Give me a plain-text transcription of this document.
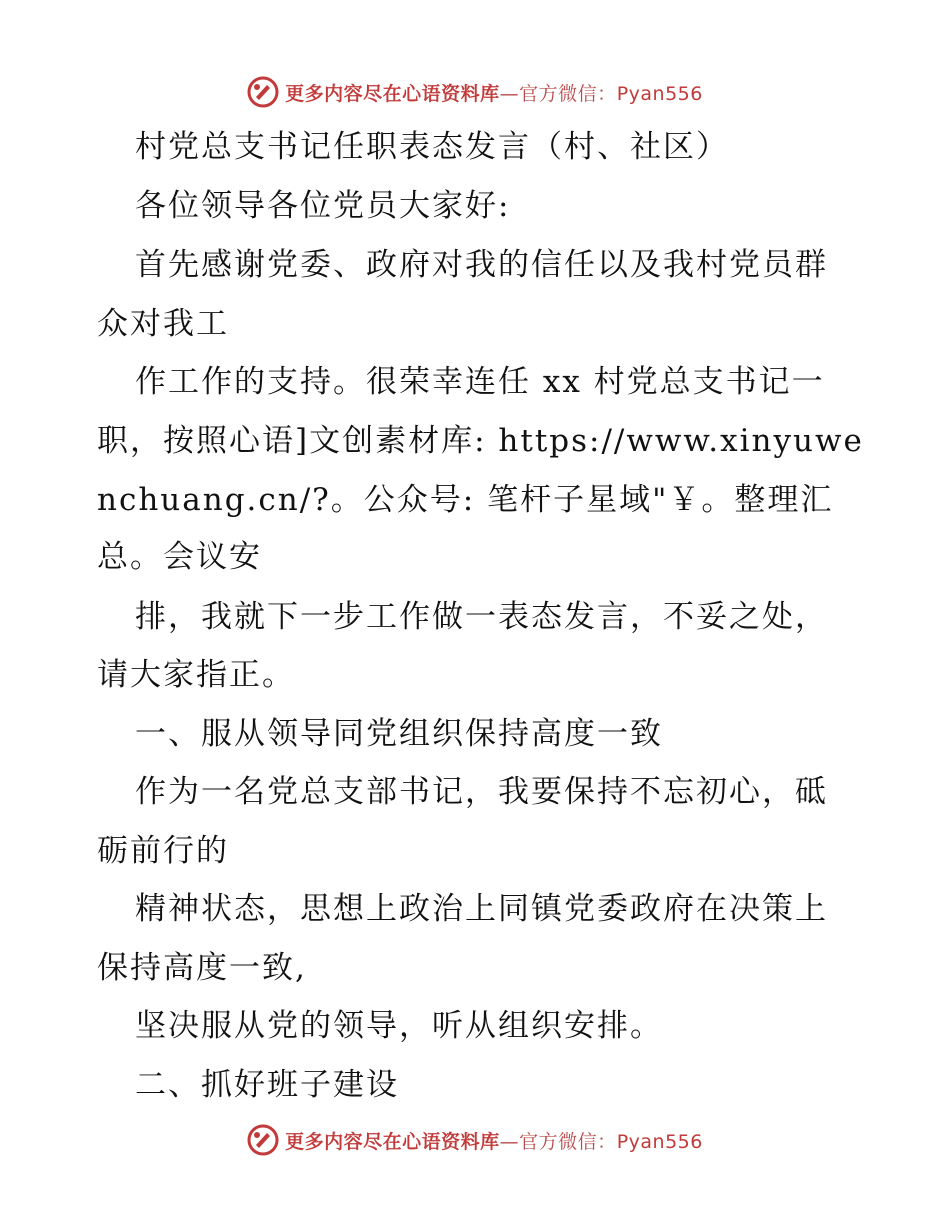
更多内容尽在心语资料库—官方微信：Pyan556
村党总支书记任职表态发言（村、社区）
各位领导各位党员大家好:
首先感谢党委、政府对我的信任以及我村党员群
众对我工
作工作的支持。很荣幸连任 xx 村党总支书记一
职，按照心语]文创素材库: https://www.xinyuwe
nchuang.cn/?。公众号: 笔杆子星域"￥。整理汇
总。会议安
排，我就下一步工作做一表态发言，不妥之处，
请大家指正。
一、服从领导同党组织保持高度一致
作为一名党总支部书记，我要保持不忘初心，砥
砺前行的
精神状态，思想上政治上同镇党委政府在决策上
保持高度一致,
坚决服从党的领导，听从组织安排。
二、抓好班子建设
更多内容尽在心语资料库—官方微信：Pyan556
